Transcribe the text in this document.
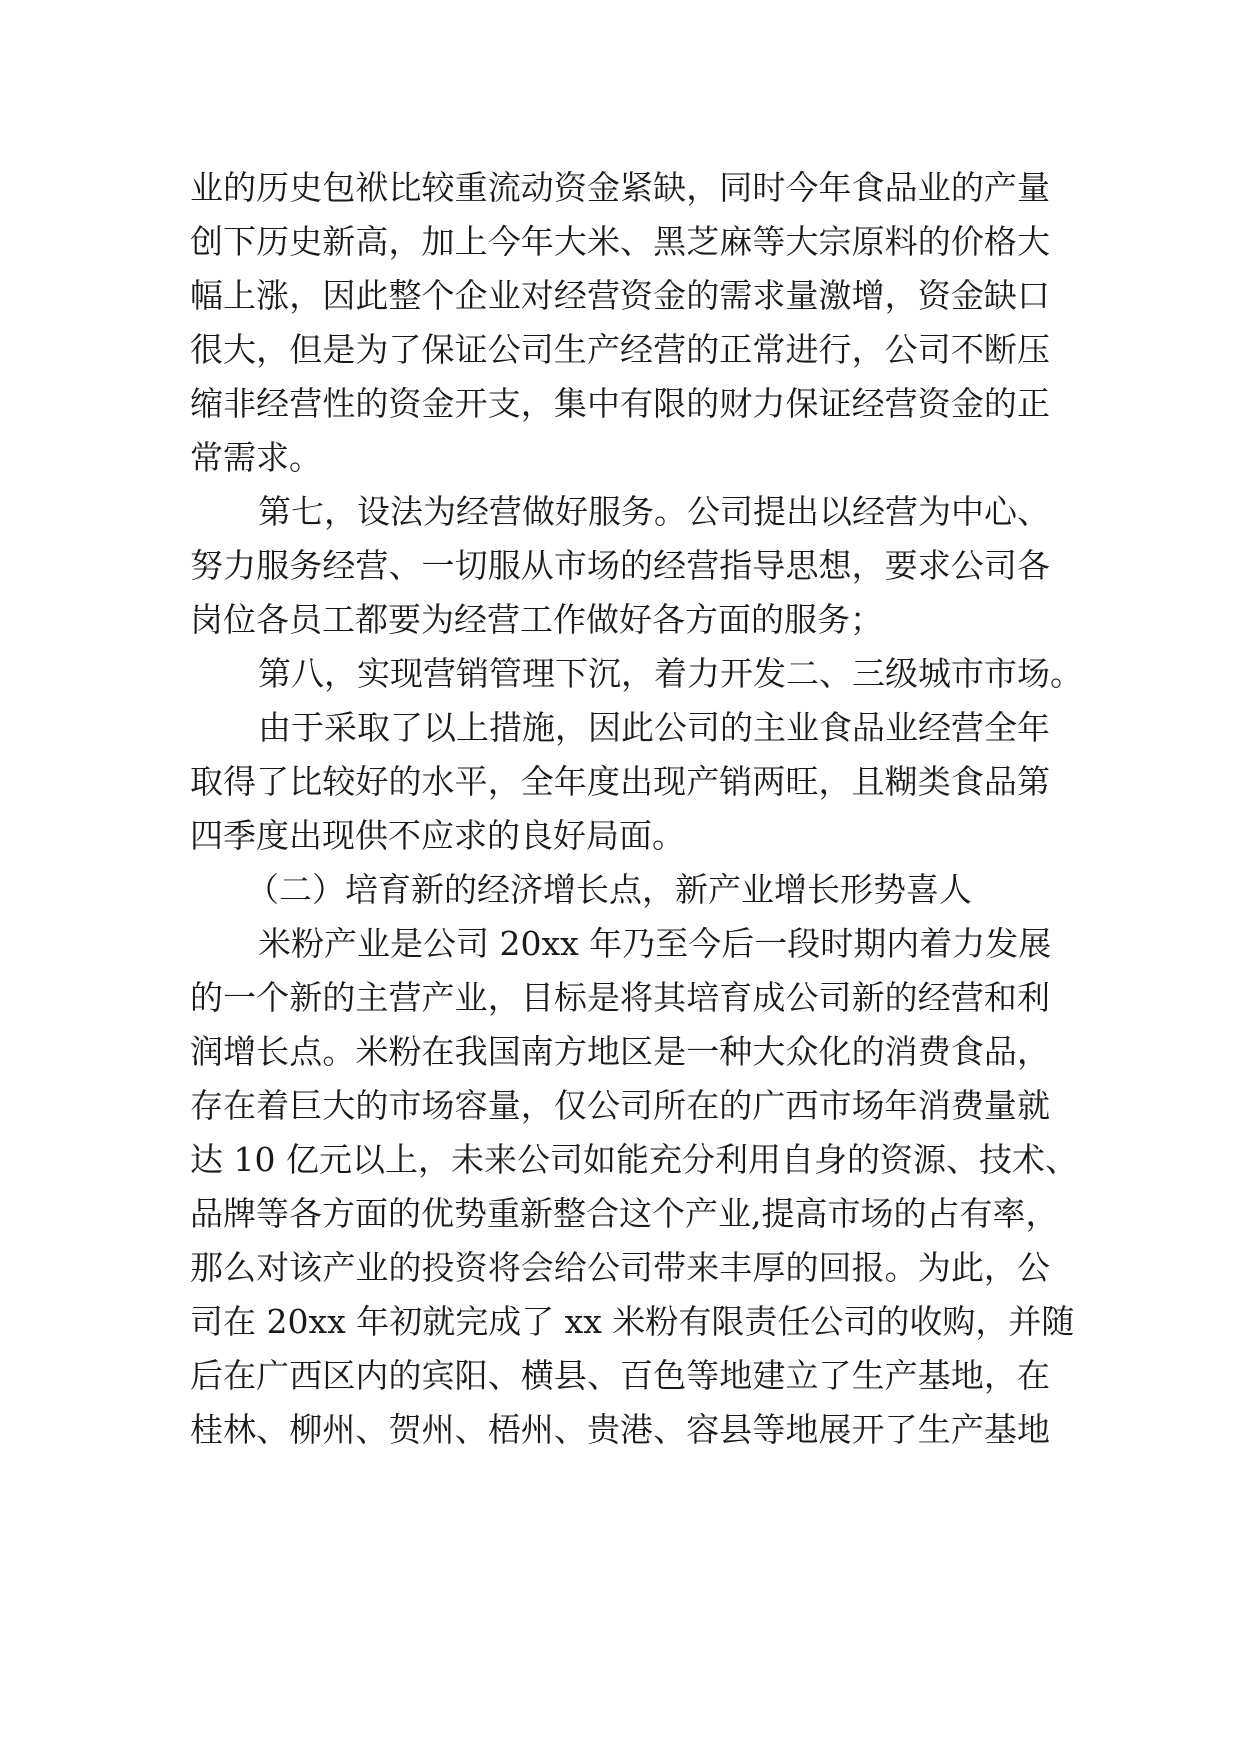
业的历史包袱比较重流动资金紧缺，同时今年食品业的产量
创下历史新高，加上今年大米、黑芝麻等大宗原料的价格大
幅上涨，因此整个企业对经营资金的需求量激增，资金缺口
很大，但是为了保证公司生产经营的正常进行，公司不断压
缩非经营性的资金开支，集中有限的财力保证经营资金的正
常需求。
第七，设法为经营做好服务。公司提出以经营为中心、
努力服务经营、一切服从市场的经营指导思想，要求公司各
岗位各员工都要为经营工作做好各方面的服务；
第八，实现营销管理下沉，着力开发二、三级城市市场。
由于采取了以上措施，因此公司的主业食品业经营全年
取得了比较好的水平，全年度出现产销两旺，且糊类食品第
四季度出现供不应求的良好局面。
（二）培育新的经济增长点，新产业增长形势喜人
米粉产业是公司 20xx 年乃至今后一段时期内着力发展
的一个新的主营产业，目标是将其培育成公司新的经营和利
润增长点。米粉在我国南方地区是一种大众化的消费食品，
存在着巨大的市场容量，仅公司所在的广西市场年消费量就
达 10 亿元以上，未来公司如能充分利用自身的资源、技术、
品牌等各方面的优势重新整合这个产业,提高市场的占有率，
那么对该产业的投资将会给公司带来丰厚的回报。为此，公
司在 20xx 年初就完成了 xx 米粉有限责任公司的收购，并随
后在广西区内的宾阳、横县、百色等地建立了生产基地，在
桂林、柳州、贺州、梧州、贵港、容县等地展开了生产基地
